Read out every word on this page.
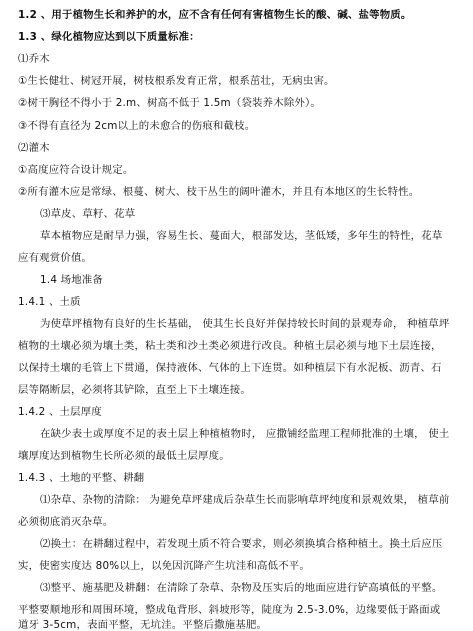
1.2 、用于植物生长和养护的水，应不含有任何有害植物生长的酸、碱、盐等物质。
1.3 、绿化植物应达到以下质量标准：
⑴乔木
①生长健壮、树冠开展，树枝根系发育正常，根系茁壮，无病虫害。
②树干胸径不得小于 2.m、树高不低于 1.5m（袋装养木除外）。
③不得有直径为 2cm以上的未愈合的伤痕和截枝。
⑵灌木
①高度应符合设计规定。
②所有灌木应是常绿、根蔓、树大、枝干丛生的阔叶灌木，并且有本地区的生长特性。
⑶草皮、草籽、花草
草本植物应是耐旱力强，容易生长、蔓面大，根部发达，茎低矮，多年生的特性，花草
应有观赏价值。
1.4 场地准备
1.4.1 、土质
为使草坪植物有良好的生长基础， 使其生长良好并保持较长时间的景观寿命， 种植草坪
植物的土壤必须为壤土类，粘土类和沙土类必须进行改良。种植土层必须与地下土层连接，
以保持土壤的毛管上下贯通，保持液体、气体的上下连贯。如种植层下有水泥板、沥青、石
层等隔断层，必须将其铲除，直至上下土壤连接。
1.4.2 、土层厚度
在缺少表土或厚度不足的表土层上种植植物时， 应撒铺经监理工程师批准的土壤， 使土
壤厚度达到植物生长所必须的最低土层厚度。
1.4.3 、土地的平整、耕翻
⑴杂草、杂物的清除： 为避免草坪建成后杂草生长而影响草坪纯度和景观效果， 植草前
必须彻底消灭杂草。
⑵换土：在耕翻过程中，若发现土质不符合要求，则必须换填合格种植土。换土后应压
实，使密实度达 80%以上，以免因沉降产生坑洼和高低不平。
⑶整平、施基肥及耕翻：在清除了杂草、杂物及压实后的地面应进行铲高填低的平整。
平整要顺地形和周围环境，整成龟背形、斜坡形等，陡度为 2.5-3.0%，边缘要低于路面或
道牙 3-5cm，表面平整，无坑洼。平整后撒施基肥。
